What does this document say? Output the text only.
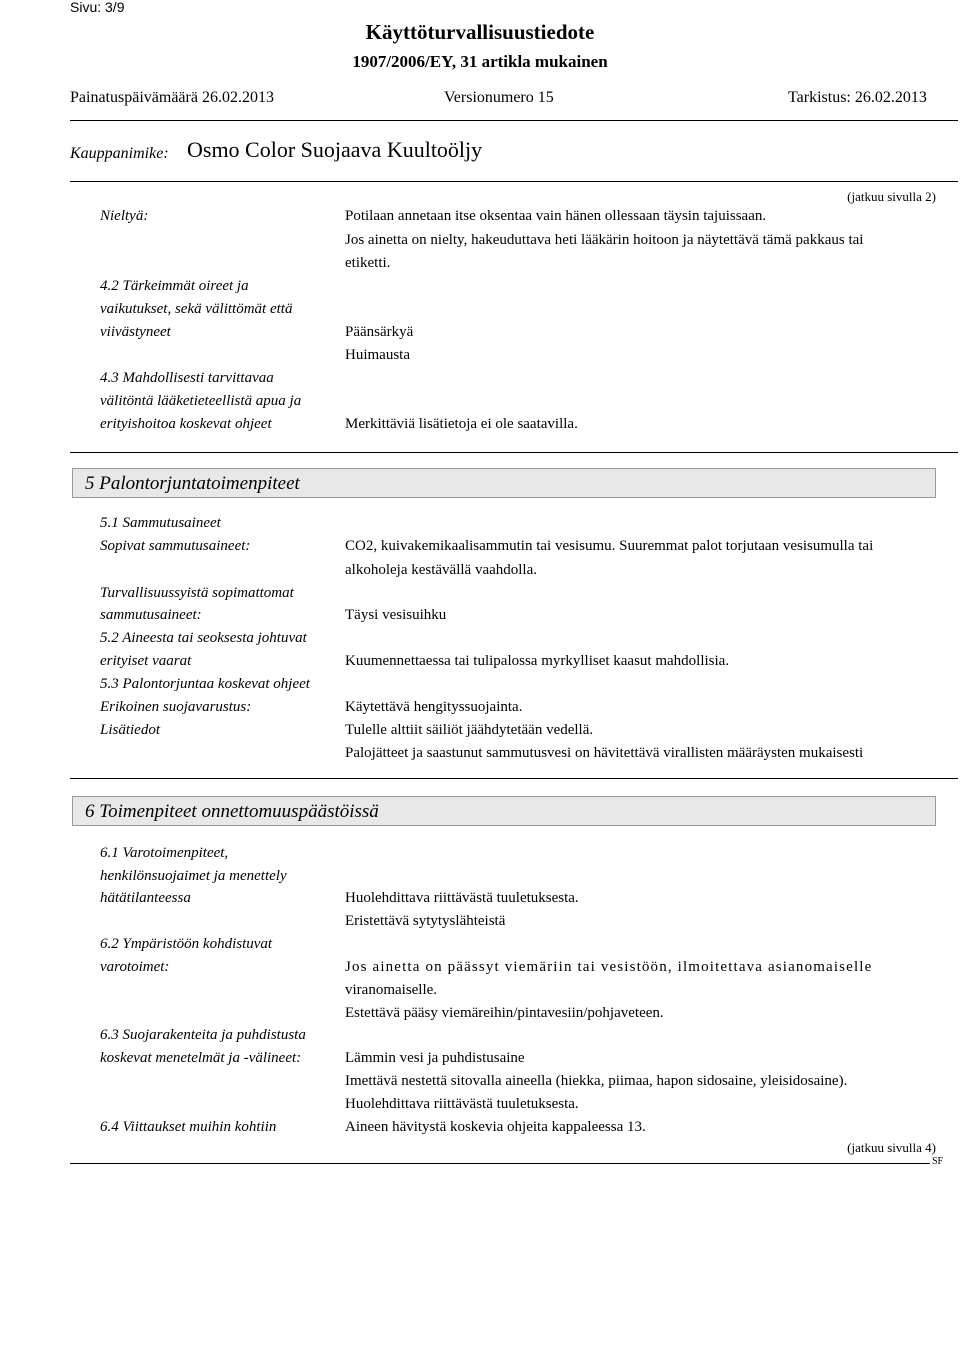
Sivu: 3/9
Käyttöturvallisuustiedote
1907/2006/EY, 31 artikla mukainen
Painatuspäivämäärä 26.02.2013	Versionumero 15	Tarkistus: 26.02.2013
Kauppanimike: Osmo Color Suojaava Kuultoöljy
(jatkuu sivulla 2)
Nieltyä:	Potilaan annetaan itse oksentaa vain hänen ollessaan täysin tajuissaan.
Jos ainetta on nielty, hakeuduttava heti lääkärin hoitoon ja näytettävä tämä pakkaus tai
etiketti.
4.2 Tärkeimmät oireet ja
vaikutukset, sekä välittömät että
viivästyneet	Päänsärkyä
Huimausta
4.3 Mahdollisesti tarvittavaa
välitöntä lääketieteellistä apua ja
erityishoitoa koskevat ohjeet	Merkittäviä lisätietoja ei ole saatavilla.
5 Palontorjuntatoimenpiteet
5.1 Sammutusaineet
Sopivat sammutusaineet:	CO2, kuivakemikaalisammutin tai vesisumu. Suuremmat palot torjutaan vesisumulla tai
alkoholeja kestävällä vaahdolla.
Turvallisuussyistä sopimattomat
sammutusaineet:	Täysi vesisuihku
5.2 Aineesta tai seoksesta johtuvat
erityiset vaarat	Kuumennettaessa tai tulipalossa myrkylliset kaasut mahdollisia.
5.3 Palontorjuntaa koskevat ohjeet
Erikoinen suojavarustus:	Käytettävä hengityssuojainta.
Lisätiedot	Tulelle alttiit säiliöt jäähdytetään vedellä.
Palojätteet ja saastunut sammutusvesi on hävitettävä virallisten määräysten mukaisesti
6 Toimenpiteet onnettomuuspäästöissä
6.1 Varotoimenpiteet,
henkilönsuojaimet ja menettely
hätätilanteessa	Huolehdittava riittävästä tuuletuksesta.
Eristettävä sytytyslähteistä
6.2 Ympäristöön kohdistuvat
varotoimet:	Jos ainetta on päässyt viemäriin tai vesistöön, ilmoitettava asianomaiselle
viranomaiselle.
Estettävä pääsy viemäreihin/pintavesiin/pohjaveteen.
6.3 Suojarakenteita ja puhdistusta
koskevat menetelmät ja -välineet:	Lämmin vesi ja puhdistusaine
Imettävä nestettä sitovalla aineella (hiekka, piimaa, hapon sidosaine, yleisidosaine).
Huolehdittava riittävästä tuuletuksesta.
6.4 Viittaukset muihin kohtiin	Aineen hävitystä koskevia ohjeita kappaleessa 13.
(jatkuu sivulla 4)
SF
